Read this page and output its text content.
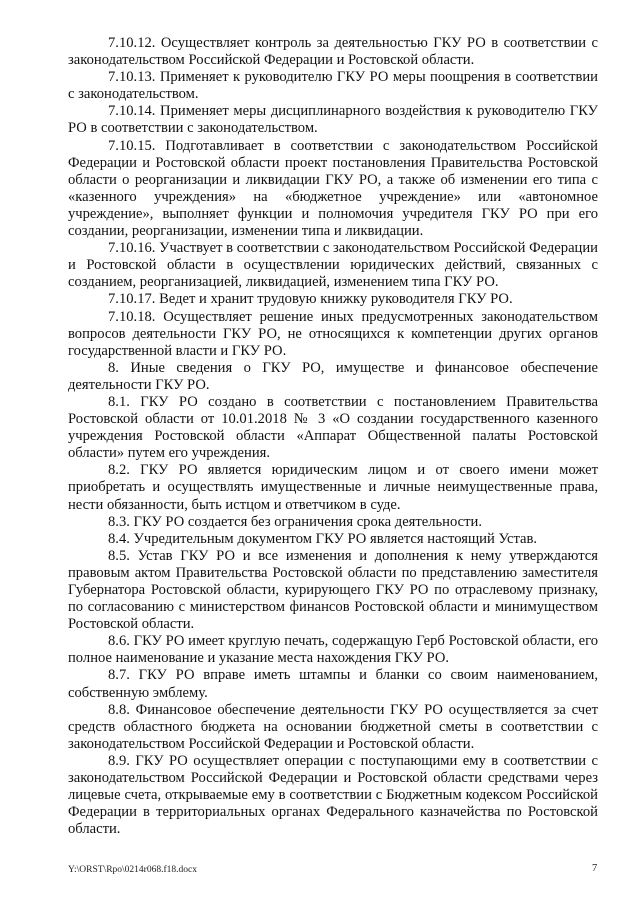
7.10.12. Осуществляет контроль за деятельностью ГКУ РО в соответствии с законодательством Российской Федерации и Ростовской области.

7.10.13. Применяет к руководителю ГКУ РО меры поощрения в соответствии с законодательством.

7.10.14. Применяет меры дисциплинарного воздействия к руководителю ГКУ РО в соответствии с законодательством.

7.10.15. Подготавливает в соответствии с законодательством Российской Федерации и Ростовской области проект постановления Правительства Ростовской области о реорганизации и ликвидации ГКУ РО, а также об изменении его типа с «казенного учреждения» на «бюджетное учреждение» или «автономное учреждение», выполняет функции и полномочия учредителя ГКУ РО при его создании, реорганизации, изменении типа и ликвидации.

7.10.16. Участвует в соответствии с законодательством Российской Федерации и Ростовской области в осуществлении юридических действий, связанных с созданием, реорганизацией, ликвидацией, изменением типа ГКУ РО.

7.10.17. Ведет и хранит трудовую книжку руководителя ГКУ РО.

7.10.18. Осуществляет решение иных предусмотренных законодательством вопросов деятельности ГКУ РО, не относящихся к компетенции других органов государственной власти и ГКУ РО.

8. Иные сведения о ГКУ РО, имуществе и финансовое обеспечение деятельности ГКУ РО.

8.1. ГКУ РО создано в соответствии с постановлением Правительства Ростовской области от 10.01.2018 № 3 «О создании государственного казенного учреждения Ростовской области «Аппарат Общественной палаты Ростовской области» путем его учреждения.

8.2. ГКУ РО является юридическим лицом и от своего имени может приобретать и осуществлять имущественные и личные неимущественные права, нести обязанности, быть истцом и ответчиком в суде.

8.3. ГКУ РО создается без ограничения срока деятельности.

8.4. Учредительным документом ГКУ РО является настоящий Устав.

8.5. Устав ГКУ РО и все изменения и дополнения к нему утверждаются правовым актом Правительства Ростовской области по представлению заместителя Губернатора Ростовской области, курирующего ГКУ РО по отраслевому признаку, по согласованию с министерством финансов Ростовской области и минимуществом Ростовской области.

8.6. ГКУ РО имеет круглую печать, содержащую Герб Ростовской области, его полное наименование и указание места нахождения ГКУ РО.

8.7. ГКУ РО вправе иметь штампы и бланки со своим наименованием, собственную эмблему.

8.8. Финансовое обеспечение деятельности ГКУ РО осуществляется за счет средств областного бюджета на основании бюджетной сметы в соответствии с законодательством Российской Федерации и Ростовской области.

8.9. ГКУ РО осуществляет операции с поступающими ему в соответствии с законодательством Российской Федерации и Ростовской области средствами через лицевые счета, открываемые ему в соответствии с Бюджетным кодексом Российской Федерации в территориальных органах Федерального казначейства по Ростовской области.

Y:\ORST\Rpo\0214r068.f18.docx	7
